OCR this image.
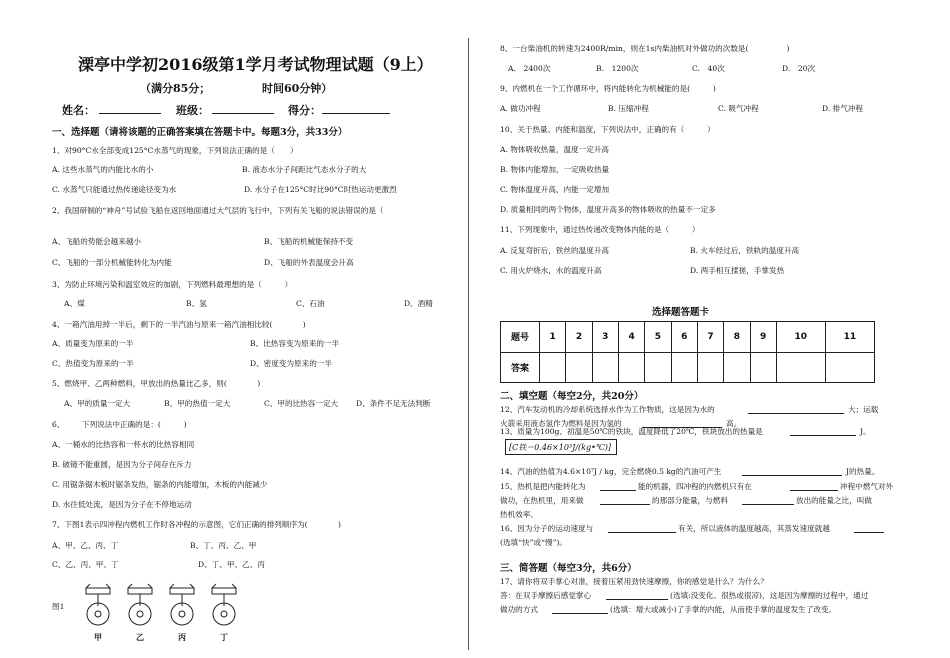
溧亭中学初2016级第1学月考试物理试题（9上）
（满分85分；	时间60分钟）
姓名：	班级：	得分：
一、选择题（请将该题的正确答案填在答题卡中。每题3分，共33分）
1、对90°C水全部变成125°C水蒸气的现象，下列说法正确的是（　　）
A. 这些水蒸气的内能比水的小	B. 液态水分子间距比气态水分子的大
C. 水蒸气只能通过热传递途径变为水	D. 水分子在125°C时比90°C时热运动更激烈
2、我国研制的“神舟”号试验飞船在返回地面通过大气层的飞行中，下列有关飞船的说法错误的是（
A、飞船的势能会越来越小	B、飞船的机械能保持不变
C、飞船的一部分机械能转化为内能	D、飞船的外表温度会升高
3、为防止环境污染和温室效应的加剧，下列燃料最理想的是（　　　）
A、煤	B、氢	C、石油	D、酒精
4、一箱汽油用掉一半后，剩下的一半汽油与原来一箱汽油相比较(　　　　)
A、质量变为原来的一半	B、比热容变为原来的一半
C、热值变为原来的一半	D、密度变为原来的一半
5、燃烧甲、乙两种燃料，甲放出的热量比乙多，则(　　　　)
A、甲的质量一定大	B、甲的热值一定大	C、甲的比热容一定大 D、条件不足无法判断
6、 下列说法中正确的是：(　　　)
A、一桶水的比热容和一杯水的比热容相同
B. 破镜不能重圆，是因为分子间存在斥力
C. 用锯条锯木板时锯条发热，锯条的内能增加，木板的内能减少
D. 水往低处流，是因为分子在不停地运动
7、下图1表示四冲程内燃机工作时各冲程的示意图，它们正确的排列顺序为(　　　　)
A、甲、乙、丙、丁	B、丁、丙、乙、甲
C、乙、丙、甲、丁	D、丁、甲、乙、丙
图1
甲	乙	丙	丁
8、一台柴油机的转速为2400R/min，则在1s内柴油机对外做功的次数是(　　　　　)
A.　2400次	B.　1200次	C.　40次	D.　20次
9、内燃机在一个工作循环中，将内能转化为机械能的是(　　　)
A. 做功冲程	B. 压缩冲程	C. 吸气冲程	D. 排气冲程
10、关于热量、内能和温度，下列说法中，正确的有（　　　）
A. 物体吸收热量，温度一定升高
B. 物体内能增加，一定吸收热量
C. 物体温度升高，内能一定增加
D. 质量相同的两个物体，温度升高多的物体吸收的热量不一定多
11、下列现象中，通过热传递改变物体内能的是（　　　）
A. 反复弯折后，铁丝的温度升高	B. 火车经过后，铁轨的温度升高
C. 用火炉烧水，水的温度升高	D. 两手相互揉搓，手掌发热
选择题答题卡
题号	1	2	3	4	5	6	7	8	9	10	11
答案											
二、填空题（每空2分，共20分）
12、汽车发动机的冷却系统选择水作为工作物质，这是因为水的	大；运载
火箭采用液态氢作为燃料是因为氢的	高。
13、质量为100g、初温是50℃的铁块，温度降低了20℃，铁块放出的热量是	J。
[C铁＝0.46×10³J/(kg•℃)]
14、汽油的热值为4.6×10⁷J / kg，完全燃烧0.5 kg的汽油可产生	J的热量。
15、热机是把内能转化为	能的机器，四冲程的内燃机只有在	冲程中燃气对外
做功，在热机里，用来做	的那部分能量，与燃料	放出的能量之比，叫做
热机效率。
16、因为分子的运动速度与	有关，所以液体的温度越高，其蒸发速度就越
(选填“快”或“慢”)。
三、简答题（每空3分，共6分）
17、请你将双手掌心对准，接着压紧用劲快速摩擦，你的感觉是什么？为什么？
答：在双手摩擦后感觉掌心	(选填:没变化、很热或很凉)，这是因为摩擦的过程中，通过
做功的方式	(选填：增大或减小)了手掌的内能，从而使手掌的温度发生了改变。
